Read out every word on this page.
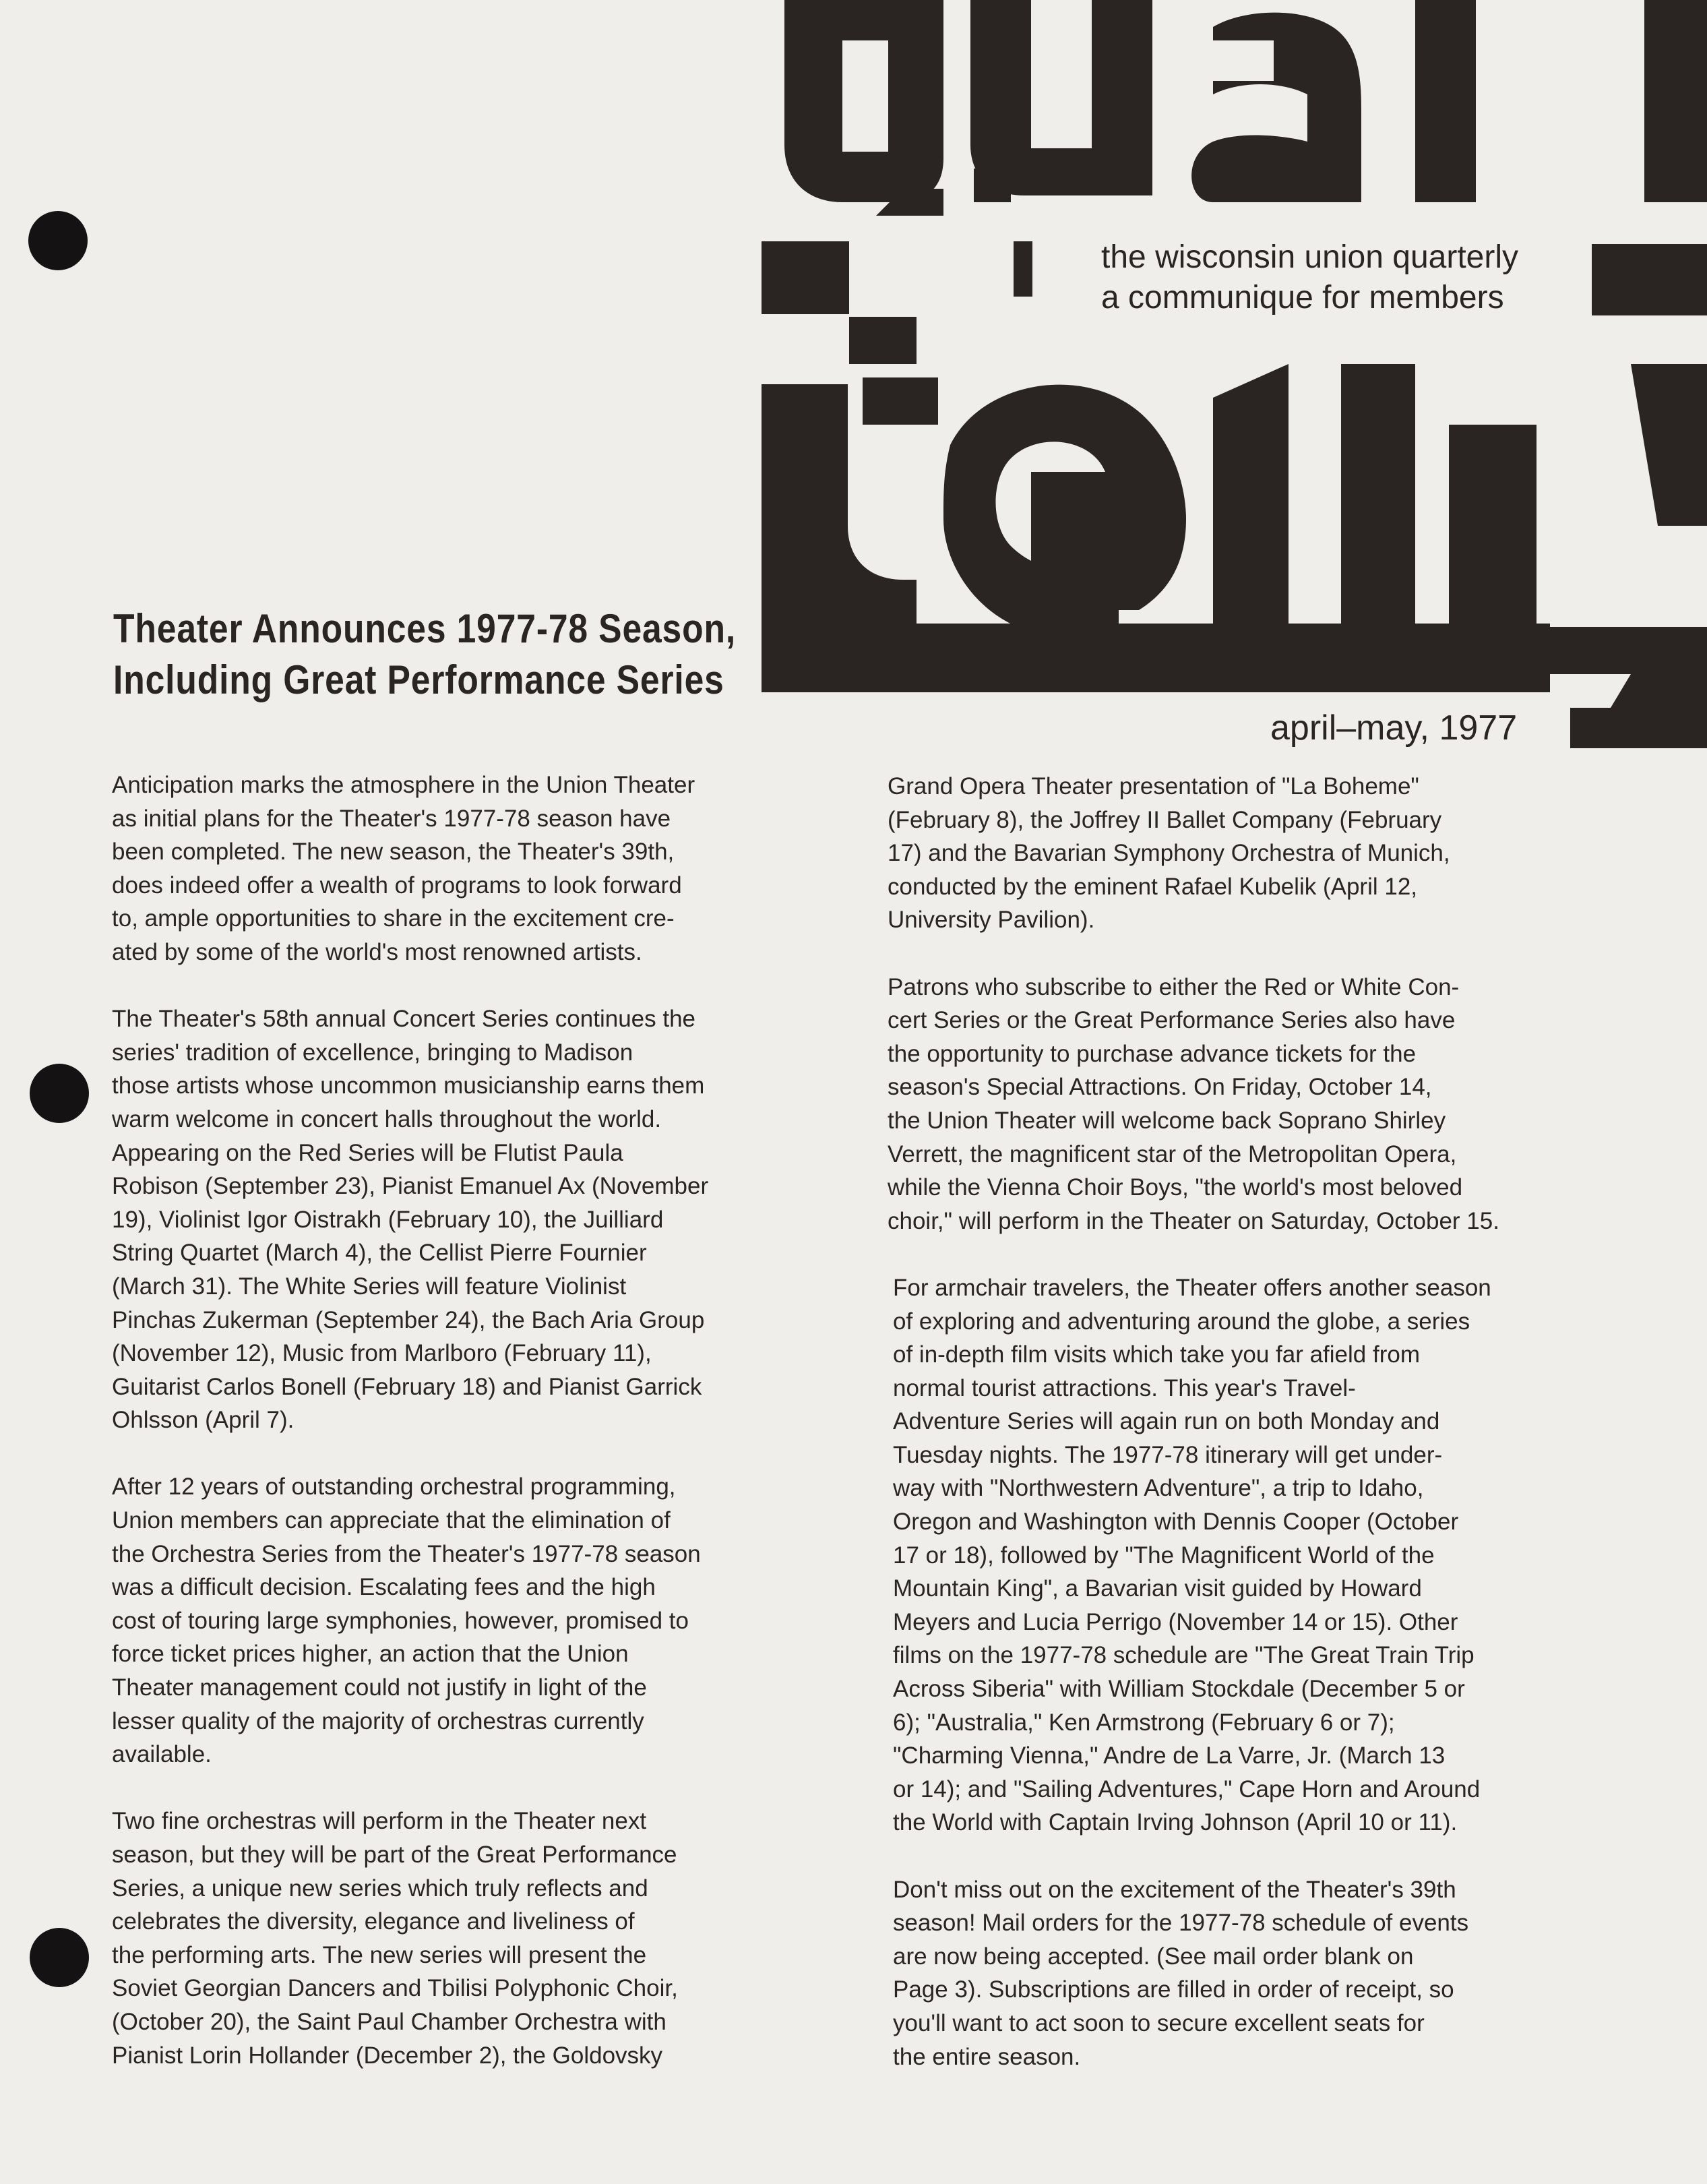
the wisconsin union quarterly
a communique for members
april–may, 1977
Theater Announces 1977-78 Season,
Including Great Performance Series

Anticipation marks the atmosphere in the Union Theater
as initial plans for the Theater's 1977-78 season have
been completed. The new season, the Theater's 39th,
does indeed offer a wealth of programs to look forward
to, ample opportunities to share in the excitement cre-
ated by some of the world's most renowned artists.

The Theater's 58th annual Concert Series continues the
series' tradition of excellence, bringing to Madison
those artists whose uncommon musicianship earns them
warm welcome in concert halls throughout the world.
Appearing on the Red Series will be Flutist Paula
Robison (September 23), Pianist Emanuel Ax (November
19), Violinist Igor Oistrakh (February 10), the Juilliard
String Quartet (March 4), the Cellist Pierre Fournier
(March 31). The White Series will feature Violinist
Pinchas Zukerman (September 24), the Bach Aria Group
(November 12), Music from Marlboro (February 11),
Guitarist Carlos Bonell (February 18) and Pianist Garrick
Ohlsson (April 7).

After 12 years of outstanding orchestral programming,
Union members can appreciate that the elimination of
the Orchestra Series from the Theater's 1977-78 season
was a difficult decision. Escalating fees and the high
cost of touring large symphonies, however, promised to
force ticket prices higher, an action that the Union
Theater management could not justify in light of the
lesser quality of the majority of orchestras currently
available.

Two fine orchestras will perform in the Theater next
season, but they will be part of the Great Performance
Series, a unique new series which truly reflects and
celebrates the diversity, elegance and liveliness of
the performing arts. The new series will present the
Soviet Georgian Dancers and Tbilisi Polyphonic Choir,
(October 20), the Saint Paul Chamber Orchestra with
Pianist Lorin Hollander (December 2), the Goldovsky

Grand Opera Theater presentation of "La Boheme"
(February 8), the Joffrey II Ballet Company (February
17) and the Bavarian Symphony Orchestra of Munich,
conducted by the eminent Rafael Kubelik (April 12,
University Pavilion).

Patrons who subscribe to either the Red or White Con-
cert Series or the Great Performance Series also have
the opportunity to purchase advance tickets for the
season's Special Attractions. On Friday, October 14,
the Union Theater will welcome back Soprano Shirley
Verrett, the magnificent star of the Metropolitan Opera,
while the Vienna Choir Boys, "the world's most beloved
choir," will perform in the Theater on Saturday, October 15.

For armchair travelers, the Theater offers another season
of exploring and adventuring around the globe, a series
of in-depth film visits which take you far afield from
normal tourist attractions. This year's Travel-
Adventure Series will again run on both Monday and
Tuesday nights. The 1977-78 itinerary will get under-
way with "Northwestern Adventure", a trip to Idaho,
Oregon and Washington with Dennis Cooper (October
17 or 18), followed by "The Magnificent World of the
Mountain King", a Bavarian visit guided by Howard
Meyers and Lucia Perrigo (November 14 or 15). Other
films on the 1977-78 schedule are "The Great Train Trip
Across Siberia" with William Stockdale (December 5 or
6); "Australia," Ken Armstrong (February 6 or 7);
"Charming Vienna," Andre de La Varre, Jr. (March 13
or 14); and "Sailing Adventures," Cape Horn and Around
the World with Captain Irving Johnson (April 10 or 11).

Don't miss out on the excitement of the Theater's 39th
season! Mail orders for the 1977-78 schedule of events
are now being accepted. (See mail order blank on
Page 3). Subscriptions are filled in order of receipt, so
you'll want to act soon to secure excellent seats for
the entire season.
